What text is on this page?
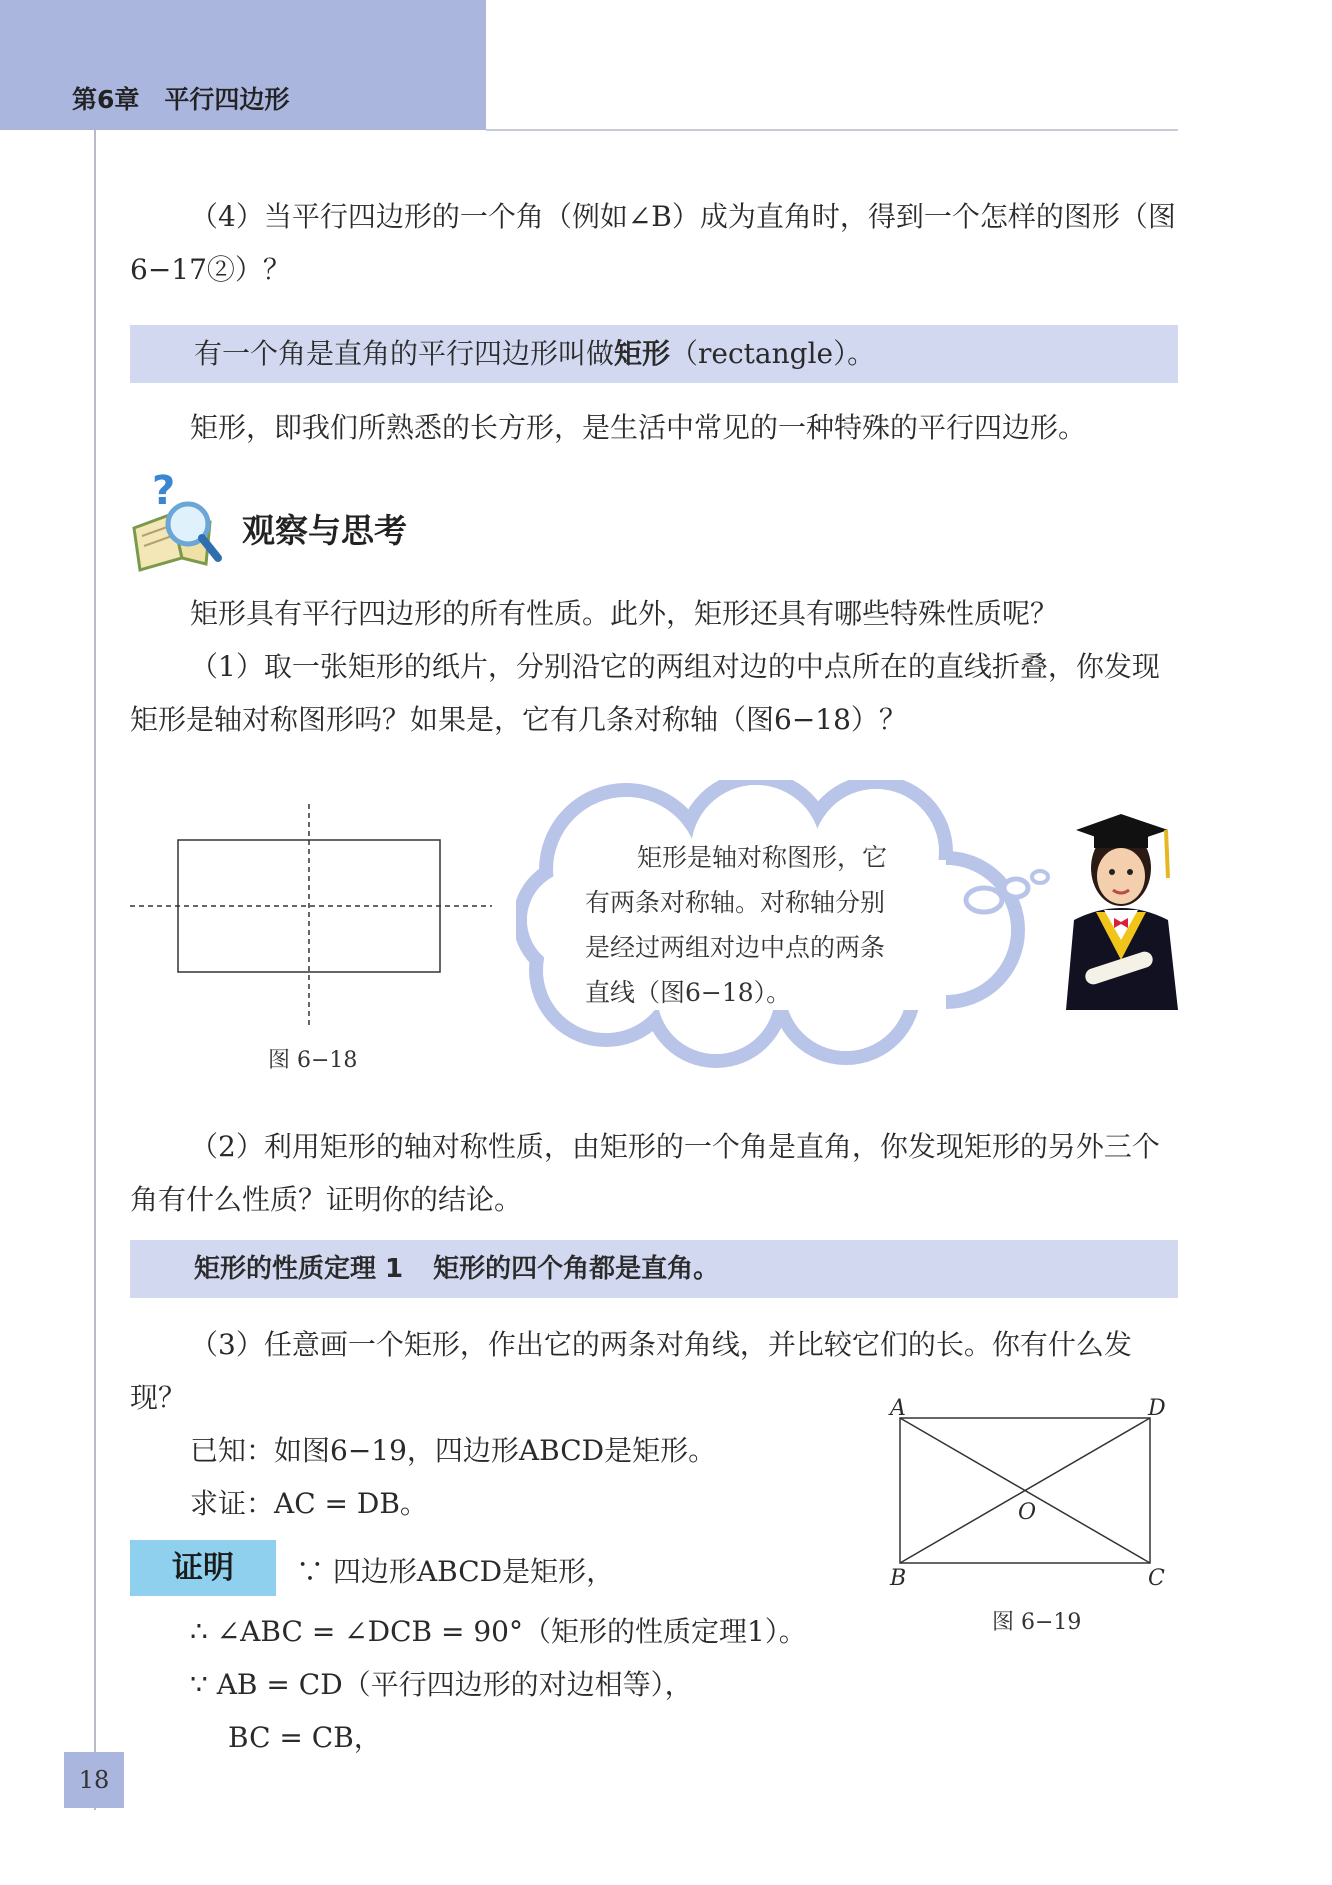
第6章　平行四边形
（4）当平行四边形的一个角（例如∠B）成为直角时，得到一个怎样的图形（图6−17②）？
有一个角是直角的平行四边形叫做矩形（rectangle）。
矩形，即我们所熟悉的长方形，是生活中常见的一种特殊的平行四边形。
?
观察与思考
矩形具有平行四边形的所有性质。此外，矩形还具有哪些特殊性质呢？
（1）取一张矩形的纸片，分别沿它的两组对边的中点所在的直线折叠，你发现矩形是轴对称图形吗？如果是，它有几条对称轴（图6−18）？
图 6−18
矩形是轴对称图形，它
有两条对称轴。对称轴分别
是经过两组对边中点的两条
直线（图6−18）。
（2）利用矩形的轴对称性质，由矩形的一个角是直角，你发现矩形的另外三个角有什么性质？证明你的结论。
矩形的性质定理 1 矩形的四个角都是直角。
（3）任意画一个矩形，作出它的两条对角线，并比较它们的长。你有什么发现？
已知：如图6−19，四边形ABCD是矩形。
求证：AC = DB。
A	D
B	C
O
图 6−19
证明	∵ 四边形ABCD是矩形，
∴ ∠ABC = ∠DCB = 90°（矩形的性质定理1）。
∵ AB = CD（平行四边形的对边相等），
BC = CB，
18
